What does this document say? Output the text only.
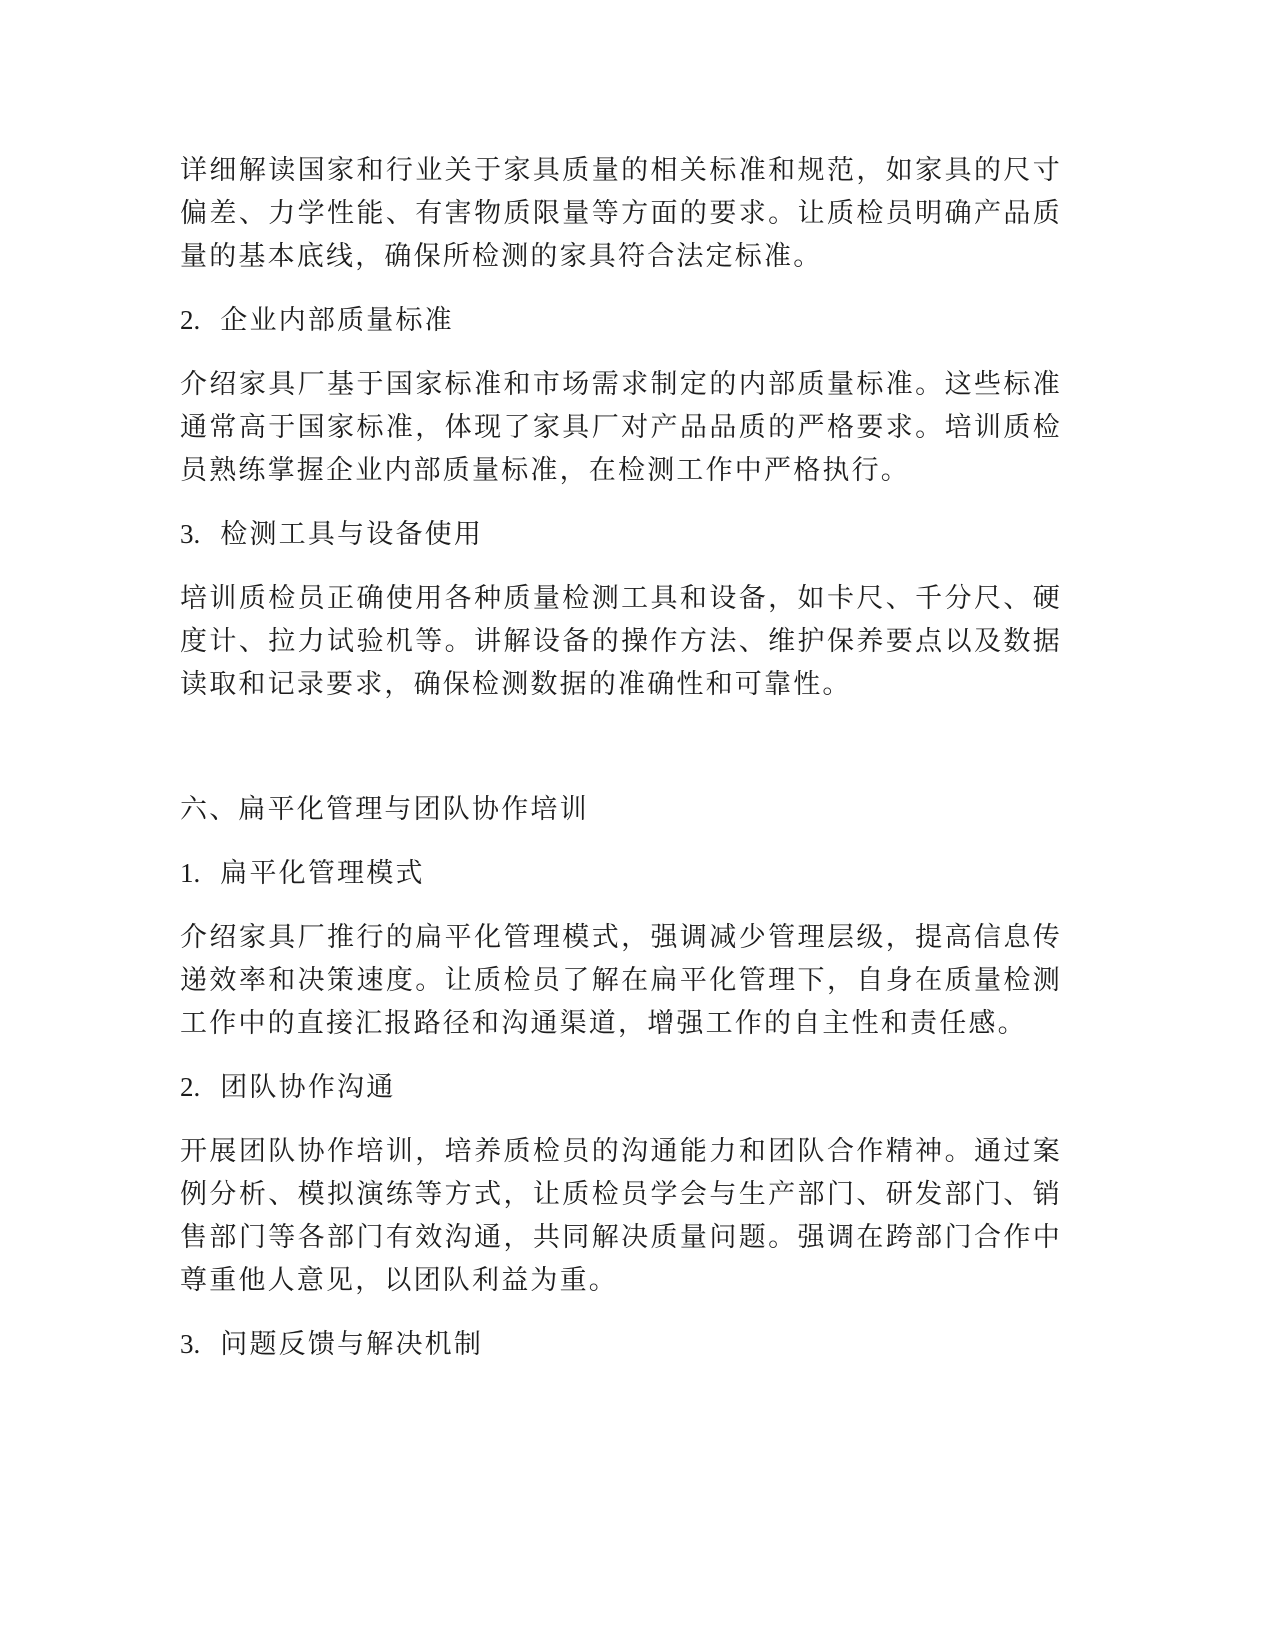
详细解读国家和行业关于家具质量的相关标准和规范，如家具的尺寸偏差、力学性能、有害物质限量等方面的要求。让质检员明确产品质量的基本底线，确保所检测的家具符合法定标准。

2. 企业内部质量标准

介绍家具厂基于国家标准和市场需求制定的内部质量标准。这些标准通常高于国家标准，体现了家具厂对产品品质的严格要求。培训质检员熟练掌握企业内部质量标准，在检测工作中严格执行。

3. 检测工具与设备使用

培训质检员正确使用各种质量检测工具和设备，如卡尺、千分尺、硬度计、拉力试验机等。讲解设备的操作方法、维护保养要点以及数据读取和记录要求，确保检测数据的准确性和可靠性。

六、扁平化管理与团队协作培训
1. 扁平化管理模式

介绍家具厂推行的扁平化管理模式，强调减少管理层级，提高信息传递效率和决策速度。让质检员了解在扁平化管理下，自身在质量检测工作中的直接汇报路径和沟通渠道，增强工作的自主性和责任感。

2. 团队协作沟通

开展团队协作培训，培养质检员的沟通能力和团队合作精神。通过案例分析、模拟演练等方式，让质检员学会与生产部门、研发部门、销售部门等各部门有效沟通，共同解决质量问题。强调在跨部门合作中尊重他人意见，以团队利益为重。

3. 问题反馈与解决机制
